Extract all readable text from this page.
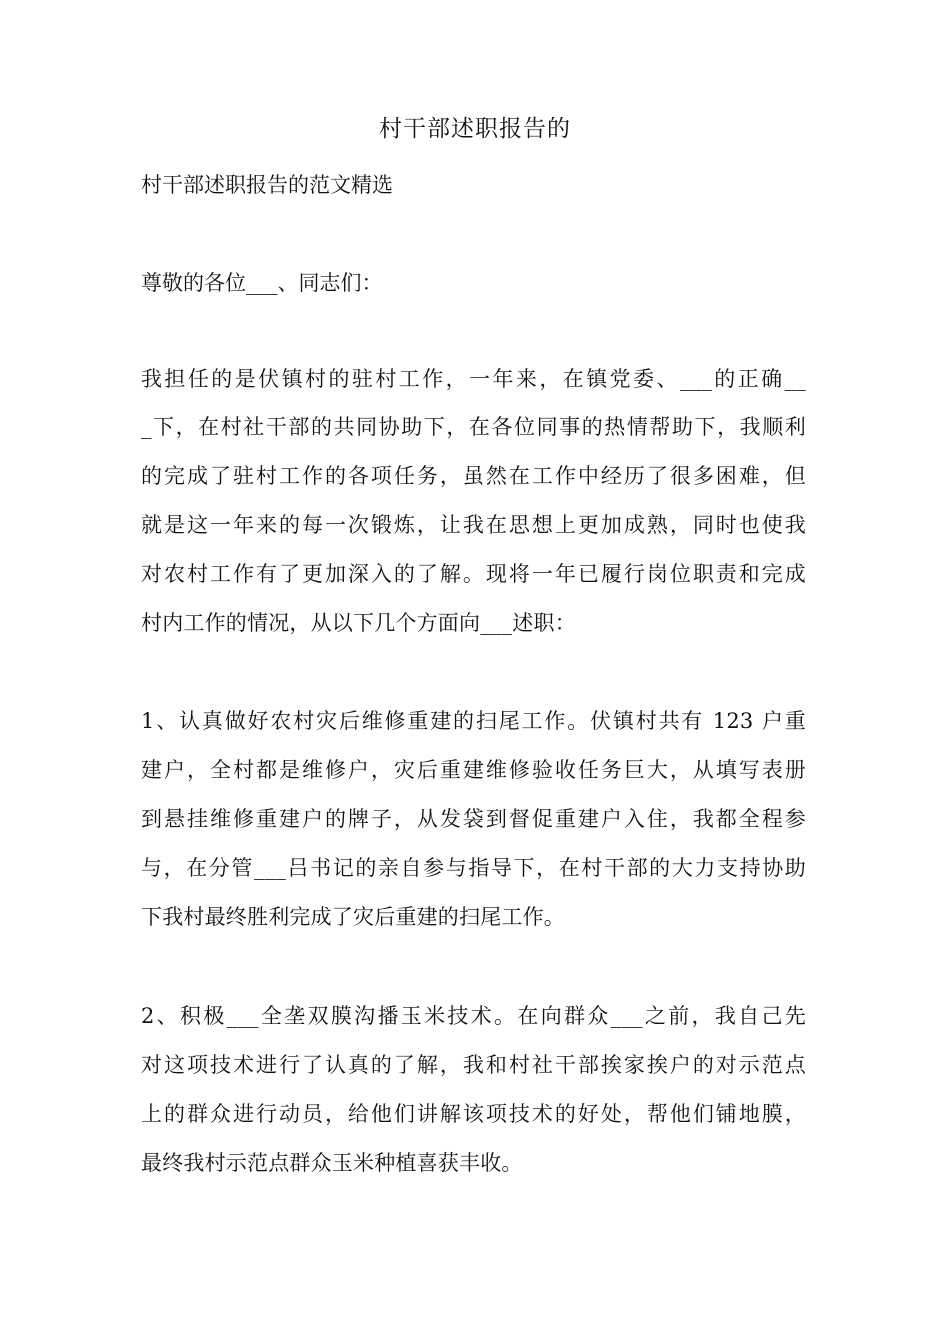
村干部述职报告的
村干部述职报告的范文精选
尊敬的各位___、同志们：
我担任的是伏镇村的驻村工作，一年来，在镇党委、___的正确__
_下，在村社干部的共同协助下，在各位同事的热情帮助下，我顺利
的完成了驻村工作的各项任务，虽然在工作中经历了很多困难，但
就是这一年来的每一次锻炼，让我在思想上更加成熟，同时也使我
对农村工作有了更加深入的了解。现将一年已履行岗位职责和完成
村内工作的情况，从以下几个方面向___述职：
1、认真做好农村灾后维修重建的扫尾工作。伏镇村共有 123 户重
建户，全村都是维修户，灾后重建维修验收任务巨大，从填写表册
到悬挂维修重建户的牌子，从发袋到督促重建户入住，我都全程参
与，在分管___吕书记的亲自参与指导下，在村干部的大力支持协助
下我村最终胜利完成了灾后重建的扫尾工作。
2、积极___全垄双膜沟播玉米技术。在向群众___之前，我自己先
对这项技术进行了认真的了解，我和村社干部挨家挨户的对示范点
上的群众进行动员，给他们讲解该项技术的好处，帮他们铺地膜，
最终我村示范点群众玉米种植喜获丰收。
